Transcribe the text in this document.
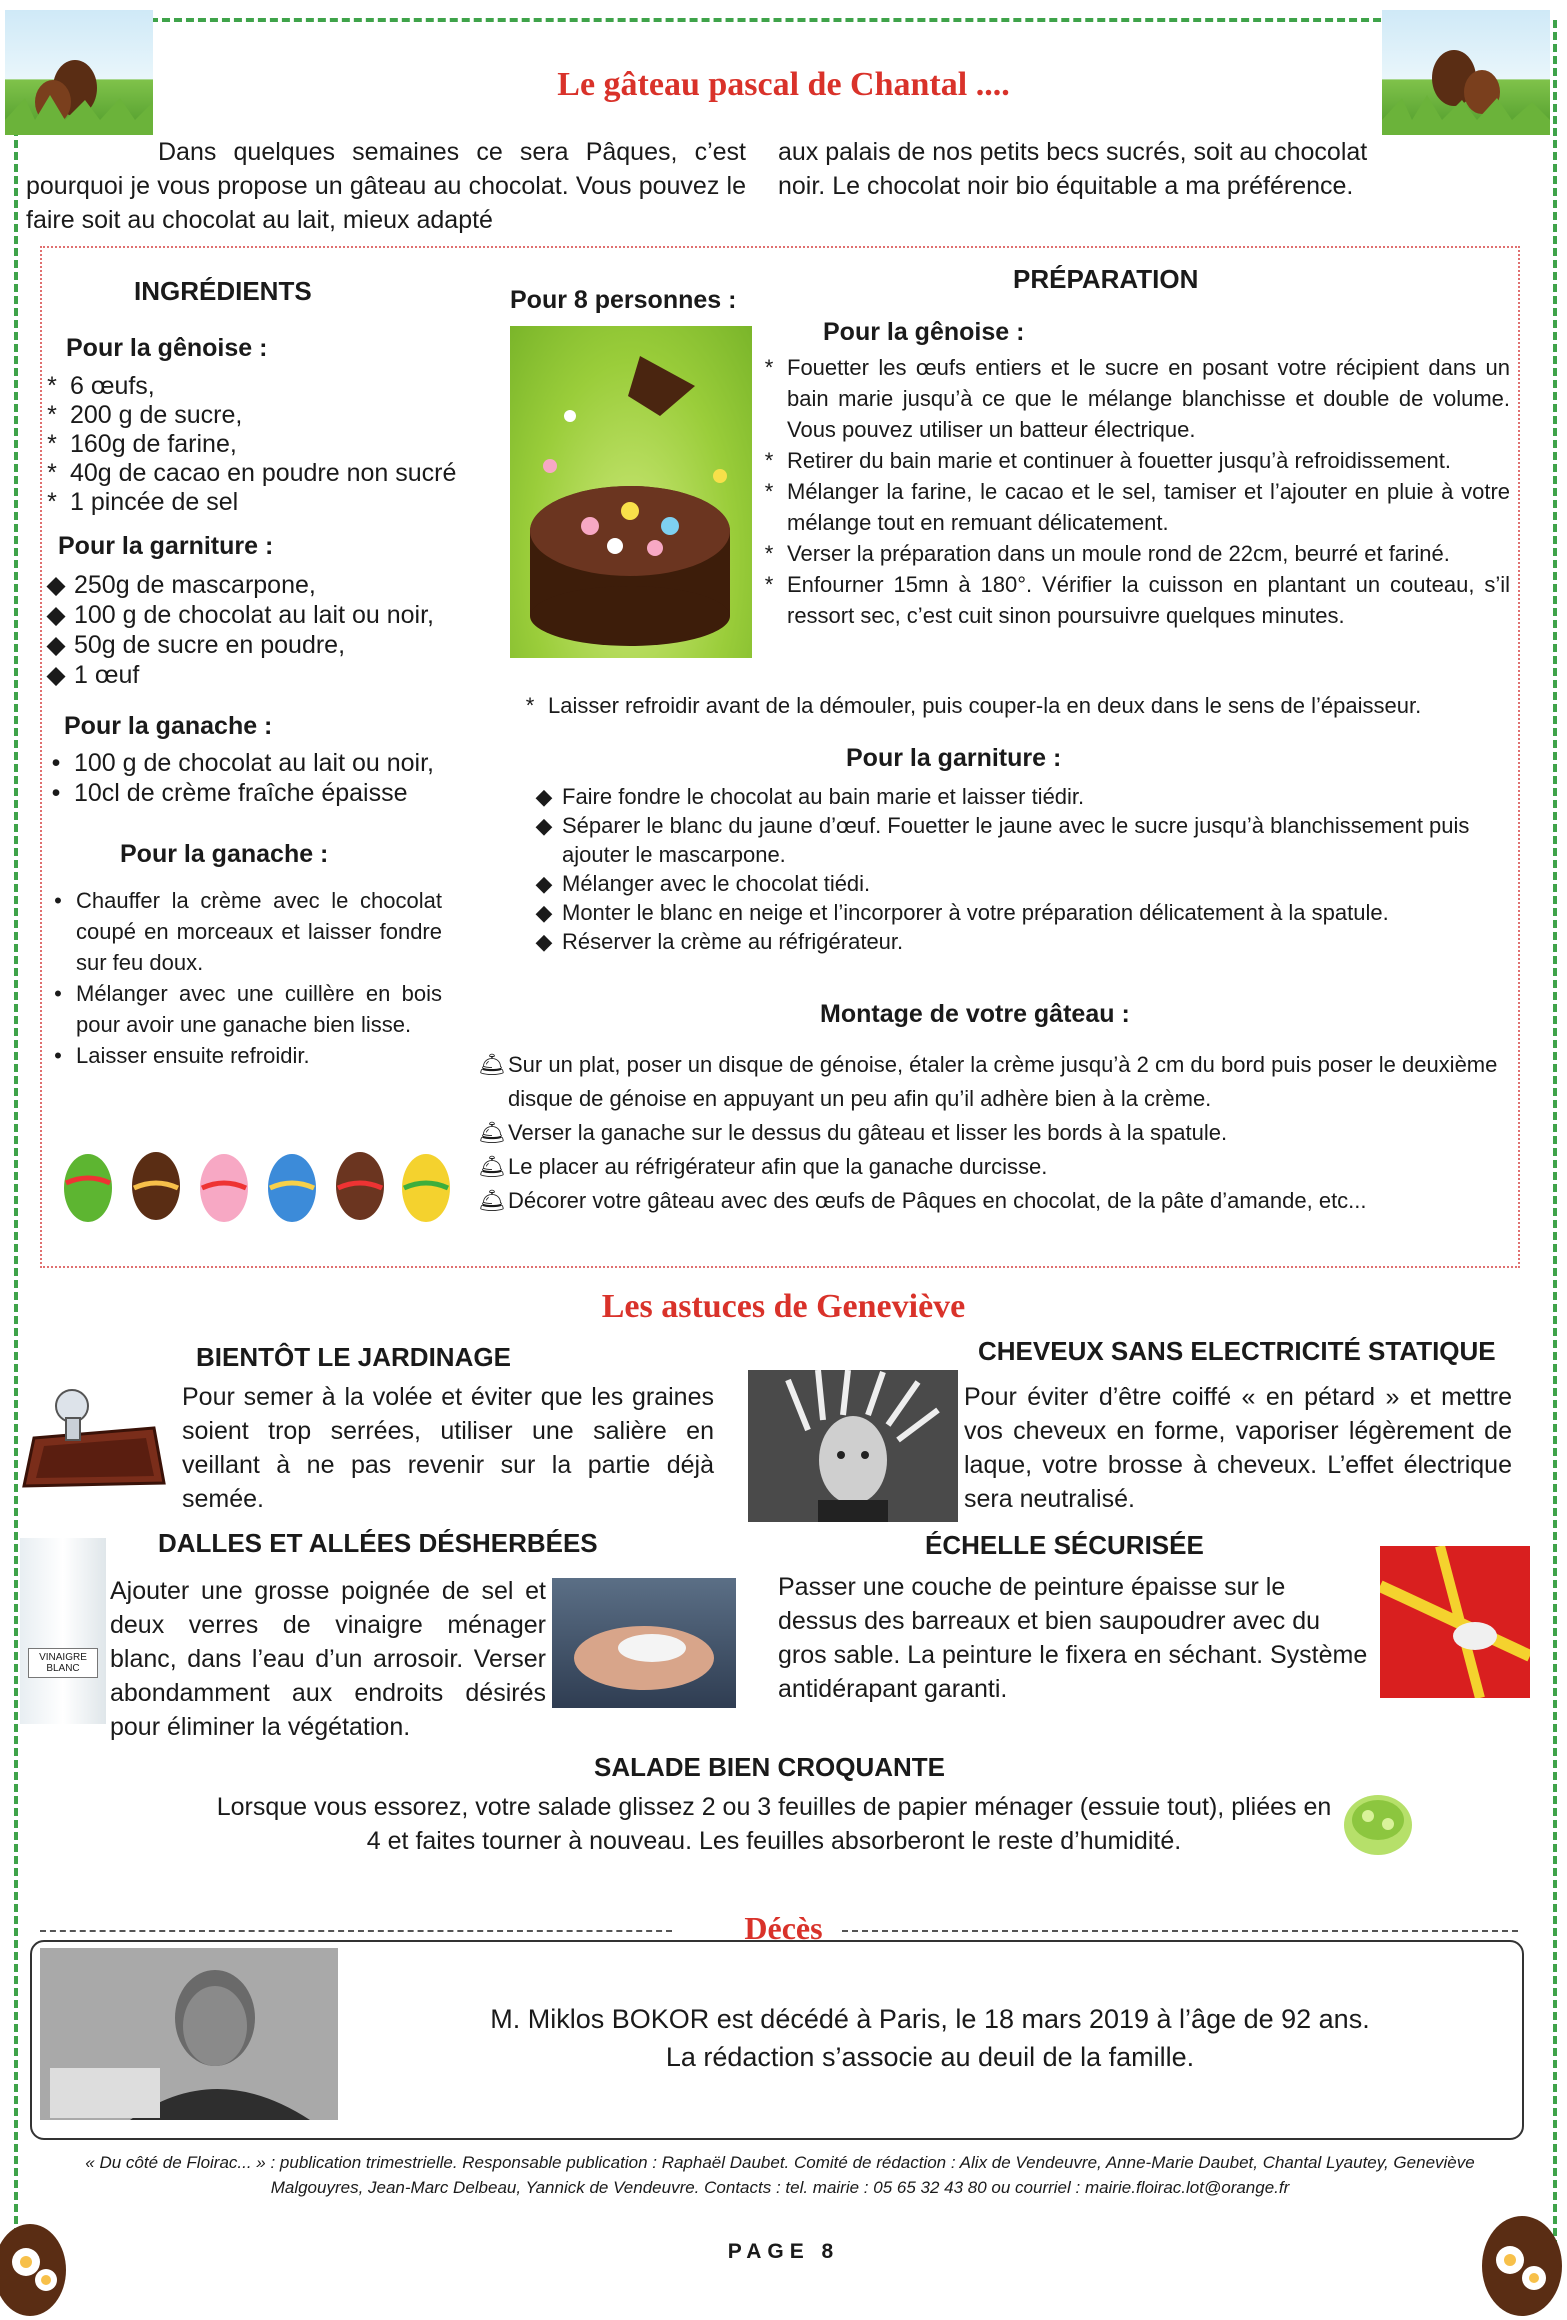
Le gâteau pascal de Chantal ....
Dans quelques semaines ce sera Pâques, c’est pourquoi je vous propose un gâteau au chocolat. Vous pouvez le faire soit au chocolat au lait, mieux adapté
aux palais de nos petits becs sucrés, soit au chocolat noir. Le chocolat noir bio équitable a ma préférence.
INGRÉDIENTS	Pour 8 personnes :
Pour la gênoise :
* 6 œufs,
* 200 g de sucre,
* 160g de farine,
* 40g de cacao en poudre non sucré
* 1 pincée de sel
Pour la garniture :
◆ 250g de mascarpone,
◆ 100 g de chocolat au lait ou noir,
◆ 50g de sucre en poudre,
◆ 1 œuf
Pour la ganache :
• 100 g de chocolat au lait ou noir,
• 10cl de crème fraîche épaisse
Pour la ganache :
• Chauffer la crème avec le chocolat coupé en morceaux et laisser fondre sur feu doux.
• Mélanger avec une cuillère en bois pour avoir une ganache bien lisse.
• Laisser ensuite refroidir.
PRÉPARATION
Pour la gênoise :
* Fouetter les œufs entiers et le sucre en posant votre récipient dans un bain marie jusqu’à ce que le mélange blanchisse et double de volume. Vous pouvez utiliser un batteur électrique.
* Retirer du bain marie et continuer à fouetter jusqu’à refroidissement.
* Mélanger la farine, le cacao et le sel, tamiser et l’ajouter en pluie à votre mélange tout en remuant délicatement.
* Verser la préparation dans un moule rond de 22cm, beurré et fariné.
* Enfourner 15mn à 180°. Vérifier la cuisson en plantant un couteau, s’il ressort sec, c’est cuit sinon poursuivre quelques minutes.
* Laisser refroidir avant de la démouler, puis couper-la en deux dans le sens de l’épaisseur.
Pour la garniture :
◆ Faire fondre le chocolat au bain marie et laisser tiédir.
◆ Séparer le blanc du jaune d’œuf. Fouetter le jaune avec le sucre jusqu’à blanchissement puis ajouter le mascarpone.
◆ Mélanger avec le chocolat tiédi.
◆ Monter le blanc en neige et l’incorporer à votre préparation délicatement à la spatule.
◆ Réserver la crème au réfrigérateur.
Montage de votre gâteau :
🛎 Sur un plat, poser un disque de génoise, étaler la crème jusqu’à 2 cm du bord puis poser le deuxième disque de génoise en appuyant un peu afin qu’il adhère bien à la crème.
🛎 Verser la ganache sur le dessus du gâteau et lisser les bords à la spatule.
🛎 Le placer au réfrigérateur afin que la ganache durcisse.
🛎 Décorer votre gâteau avec des œufs de Pâques en chocolat, de la pâte d’amande, etc...
Les astuces de Geneviève
BIENTÔT LE JARDINAGE
Pour semer à la volée et éviter que les graines soient trop serrées, utiliser une salière en veillant à ne pas revenir sur la partie déjà semée.
CHEVEUX SANS ELECTRICITÉ STATIQUE
Pour éviter d’être coiffé « en pétard » et mettre vos cheveux en forme, vaporiser légèrement de laque, votre brosse à cheveux. L’effet électrique sera neutralisé.
DALLES ET ALLÉES DÉSHERBÉES
VINAIGRE BLANC
Ajouter une grosse poignée de sel et deux verres de vinaigre ménager blanc, dans l’eau d’un arrosoir. Verser abondamment aux endroits désirés pour éliminer la végétation.
ÉCHELLE SÉCURISÉE
Passer une couche de peinture épaisse sur le dessus des barreaux et bien saupoudrer avec du gros sable. La peinture le fixera en séchant. Système antidérapant garanti.
SALADE BIEN CROQUANTE
Lorsque vous essorez, votre salade glissez 2 ou 3 feuilles de papier ménager (essuie tout), pliées en 4 et faites tourner à nouveau. Les feuilles absorberont le reste d’humidité.
Décès
M. Miklos BOKOR est décédé à Paris, le 18 mars 2019 à l’âge de 92 ans.
La rédaction s’associe au deuil de la famille.
« Du côté de Floirac... » : publication trimestrielle. Responsable publication : Raphaël Daubet. Comité de rédaction : Alix de Vendeuvre, Anne-Marie Daubet, Chantal Lyautey, Geneviève Malgouyres, Jean-Marc Delbeau, Yannick de Vendeuvre. Contacts : tel. mairie : 05 65 32 43 80 ou courriel : mairie.floirac.lot@orange.fr
PAGE 8
